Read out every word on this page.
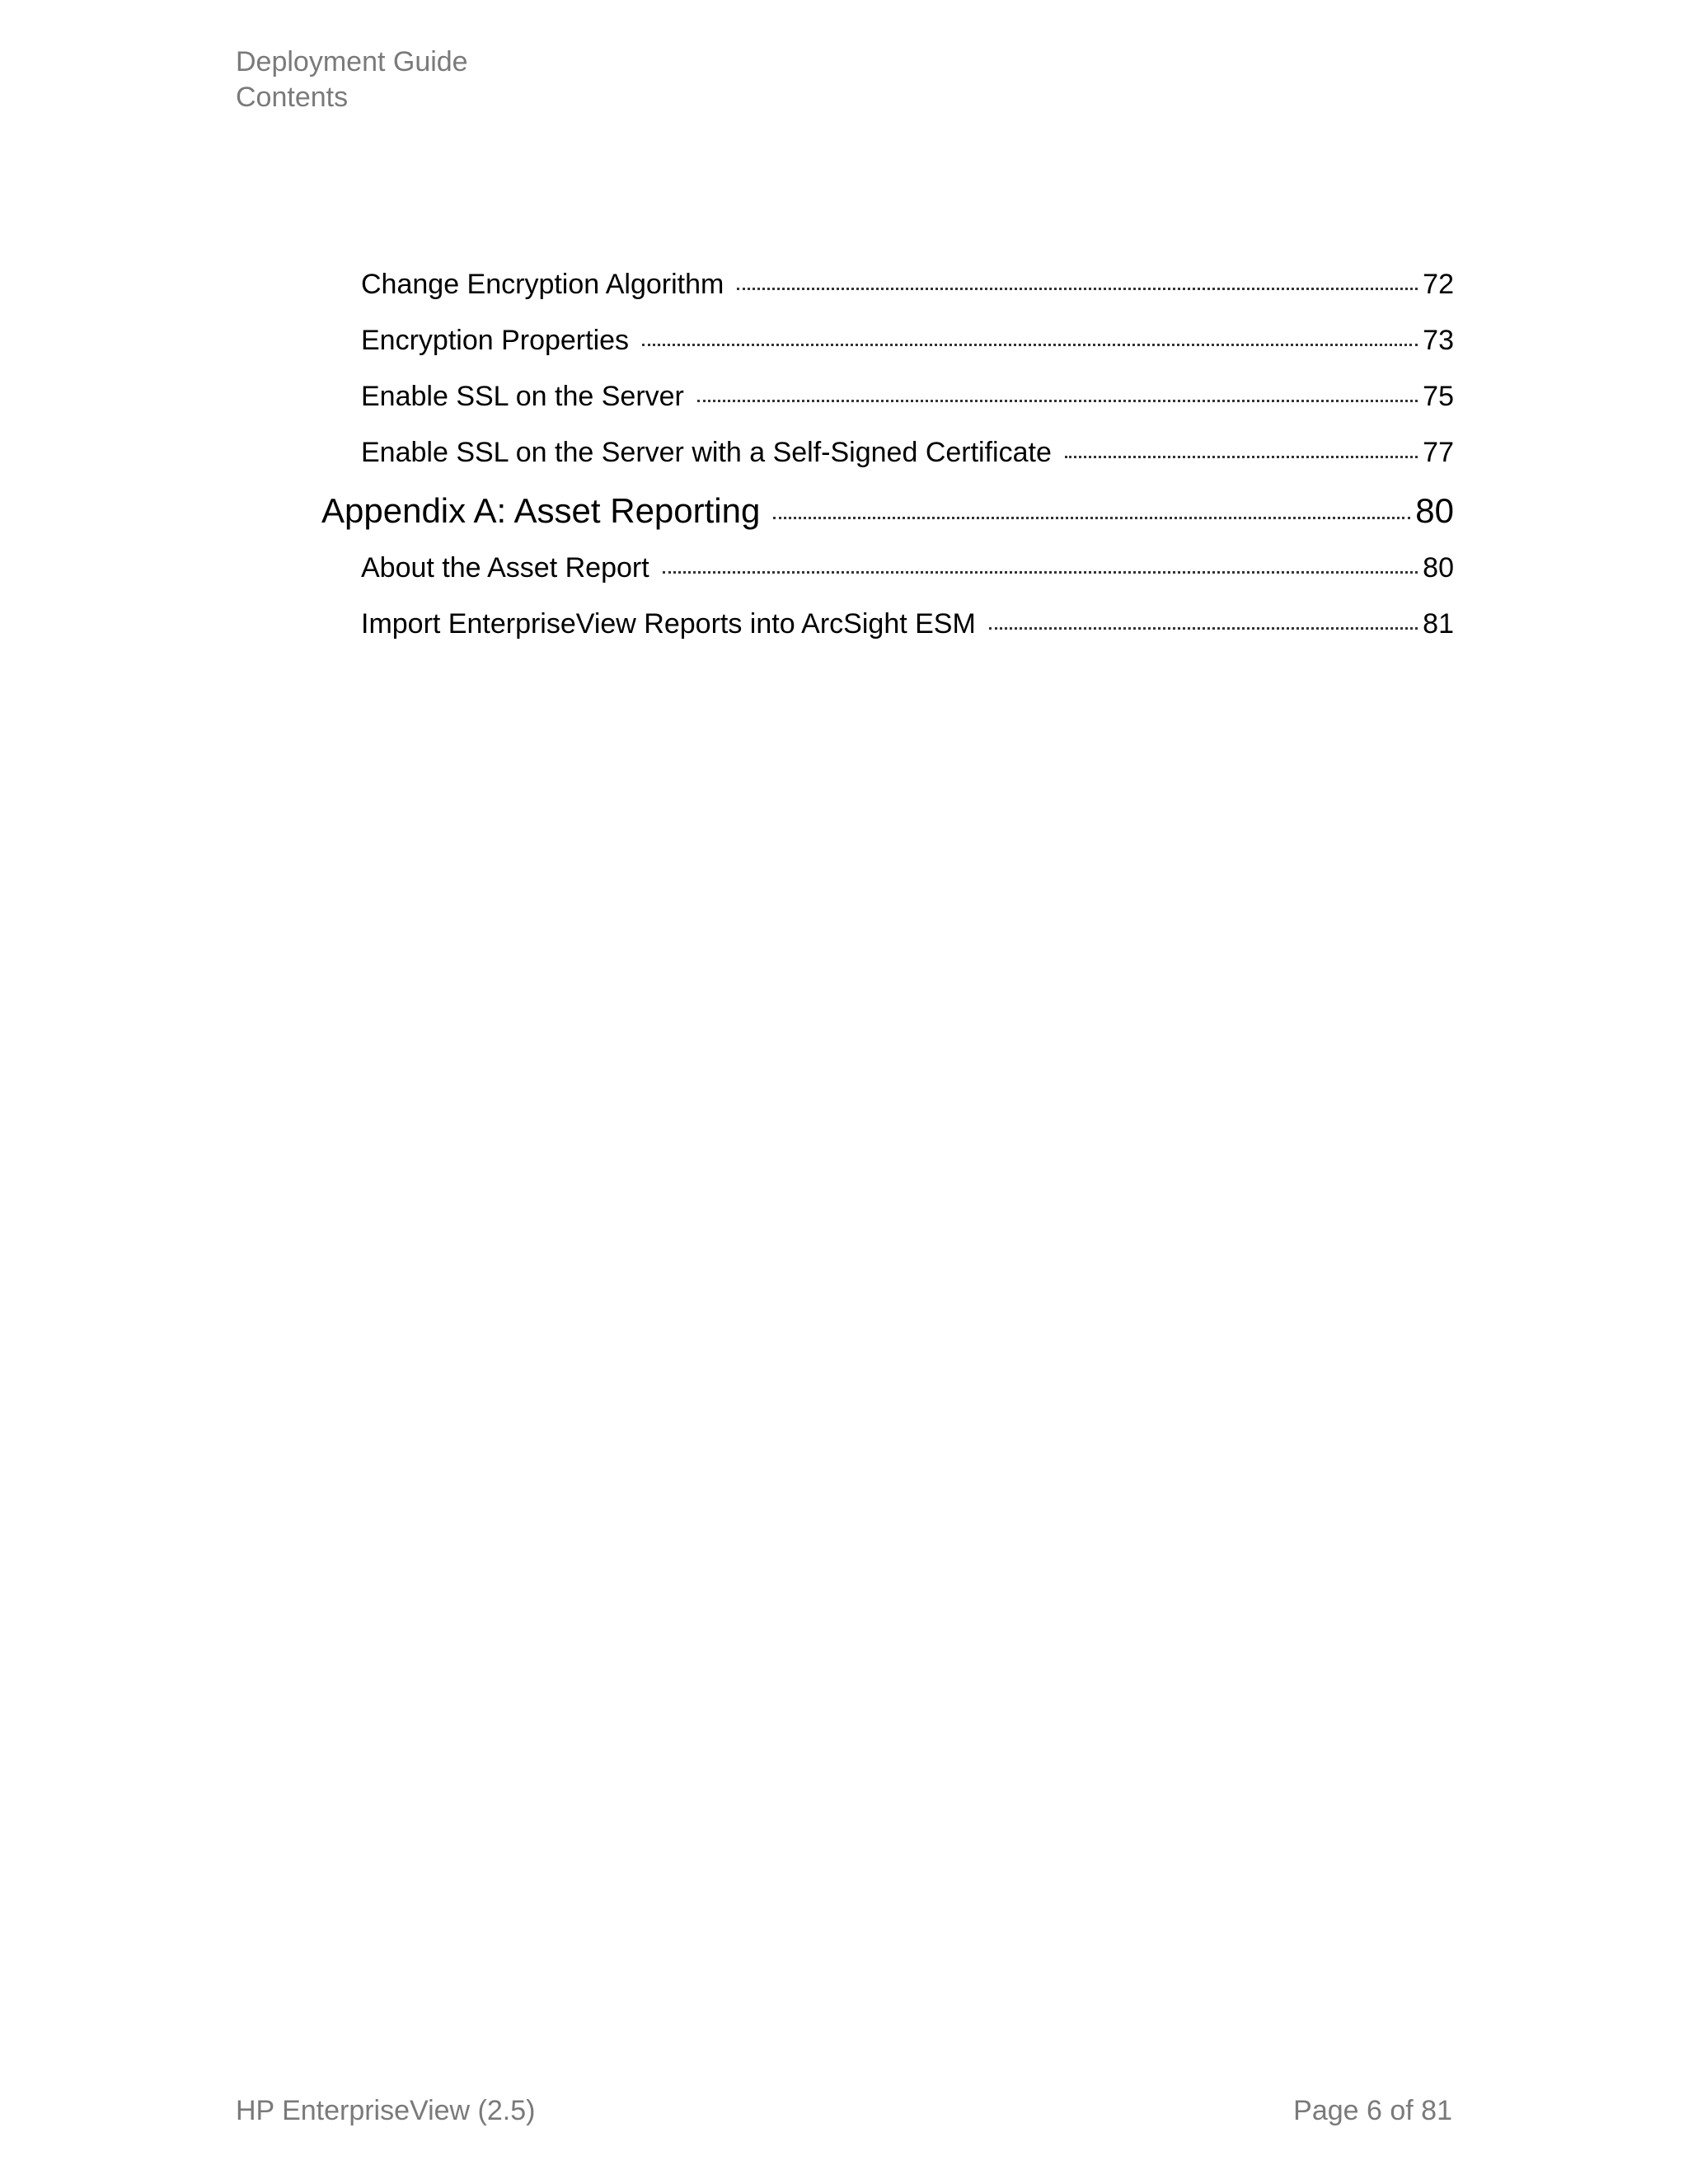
Deployment Guide
Contents
Change Encryption Algorithm	72
Encryption Properties	73
Enable SSL on the Server	75
Enable SSL on the Server with a Self-Signed Certificate	77
Appendix A: Asset Reporting	80
About the Asset Report	80
Import EnterpriseView Reports into ArcSight ESM	81
HP EnterpriseView (2.5)	Page 6 of 81
